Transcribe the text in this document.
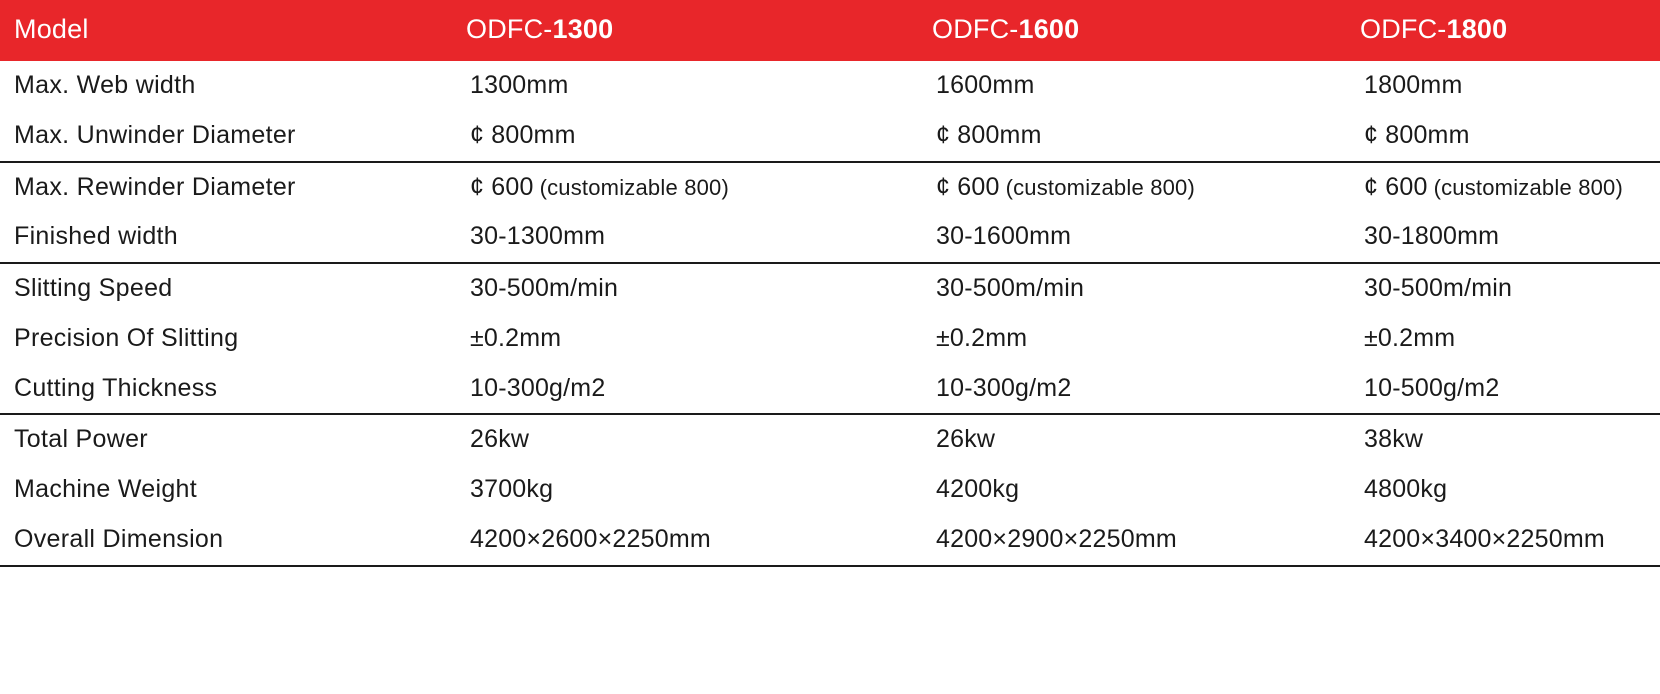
Model	ODFC-1300	ODFC-1600	ODFC-1800
Max. Web width	1300mm	1600mm	1800mm
Max. Unwinder Diameter	¢ 800mm	¢ 800mm	¢ 800mm
Max. Rewinder Diameter	¢ 600 (customizable 800)	¢ 600 (customizable 800)	¢ 600 (customizable 800)
Finished width	30-1300mm	30-1600mm	30-1800mm
Slitting Speed	30-500m/min	30-500m/min	30-500m/min
Precision Of Slitting	±0.2mm	±0.2mm	±0.2mm
Cutting Thickness	10-300g/m2	10-300g/m2	10-500g/m2
Total Power	26kw	26kw	38kw
Machine Weight	3700kg	4200kg	4800kg
Overall Dimension	4200×2600×2250mm	4200×2900×2250mm	4200×3400×2250mm
